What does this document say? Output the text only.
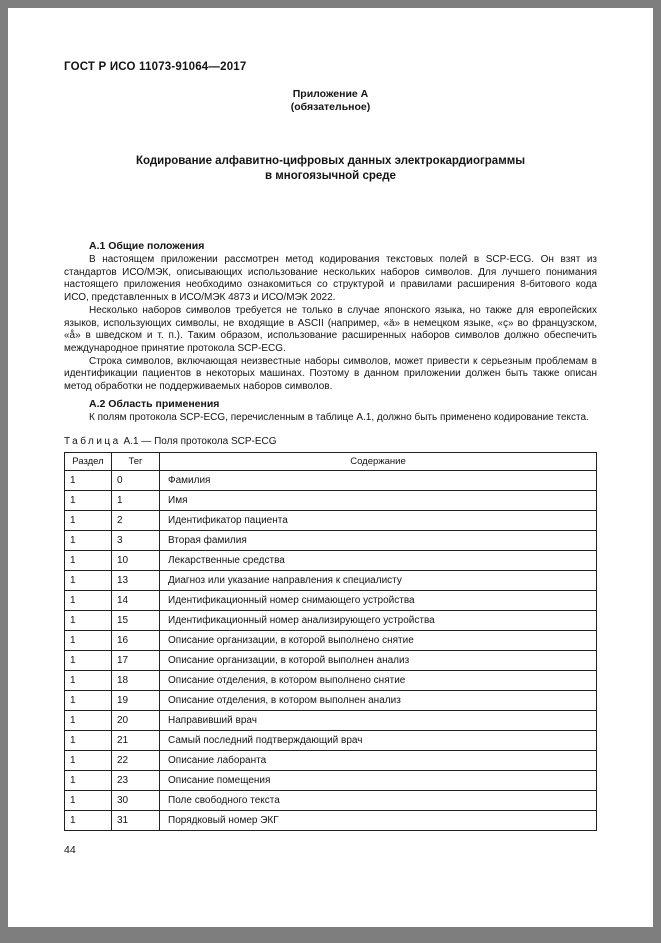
ГОСТ Р ИСО 11073-91064—2017
Приложение А
(обязательное)
Кодирование алфавитно-цифровых данных электрокардиограммы
в многоязычной среде
А.1 Общие положения

В настоящем приложении рассмотрен метод кодирования текстовых полей в SCP-ECG. Он взят из стандартов ИСО/МЭК, описывающих использование нескольких наборов символов. Для лучшего понимания настоящего приложения необходимо ознакомиться со структурой и правилами расширения 8-битового кода ИСО, представленных в ИСО/МЭК 4873 и ИСО/МЭК 2022.

Несколько наборов символов требуется не только в случае японского языка, но также для европейских языков, использующих символы, не входящие в ASCII (например, «ä» в немецком языке, «ç» во французском, «å» в шведском и т. п.). Таким образом, использование расширенных наборов символов должно обеспечить международное принятие протокола SCP-ECG.

Строка символов, включающая неизвестные наборы символов, может привести к серьезным проблемам в идентификации пациентов в некоторых машинах. Поэтому в данном приложении должен быть также описан метод обработки не поддерживаемых наборов символов.

А.2 Область применения

К полям протокола SCP-ECG, перечисленным в таблице А.1, должно быть применено кодирование текста.

Таблица А.1 — Поля протокола SCP-ECG
Раздел	Тег	Содержание
1	0	Фамилия
1	1	Имя
1	2	Идентификатор пациента
1	3	Вторая фамилия
1	10	Лекарственные средства
1	13	Диагноз или указание направления к специалисту
1	14	Идентификационный номер снимающего устройства
1	15	Идентификационный номер анализирующего устройства
1	16	Описание организации, в которой выполнено снятие
1	17	Описание организации, в которой выполнен анализ
1	18	Описание отделения, в котором выполнено снятие
1	19	Описание отделения, в котором выполнен анализ
1	20	Направивший врач
1	21	Самый последний подтверждающий врач
1	22	Описание лаборанта
1	23	Описание помещения
1	30	Поле свободного текста
1	31	Порядковый номер ЭКГ
44
